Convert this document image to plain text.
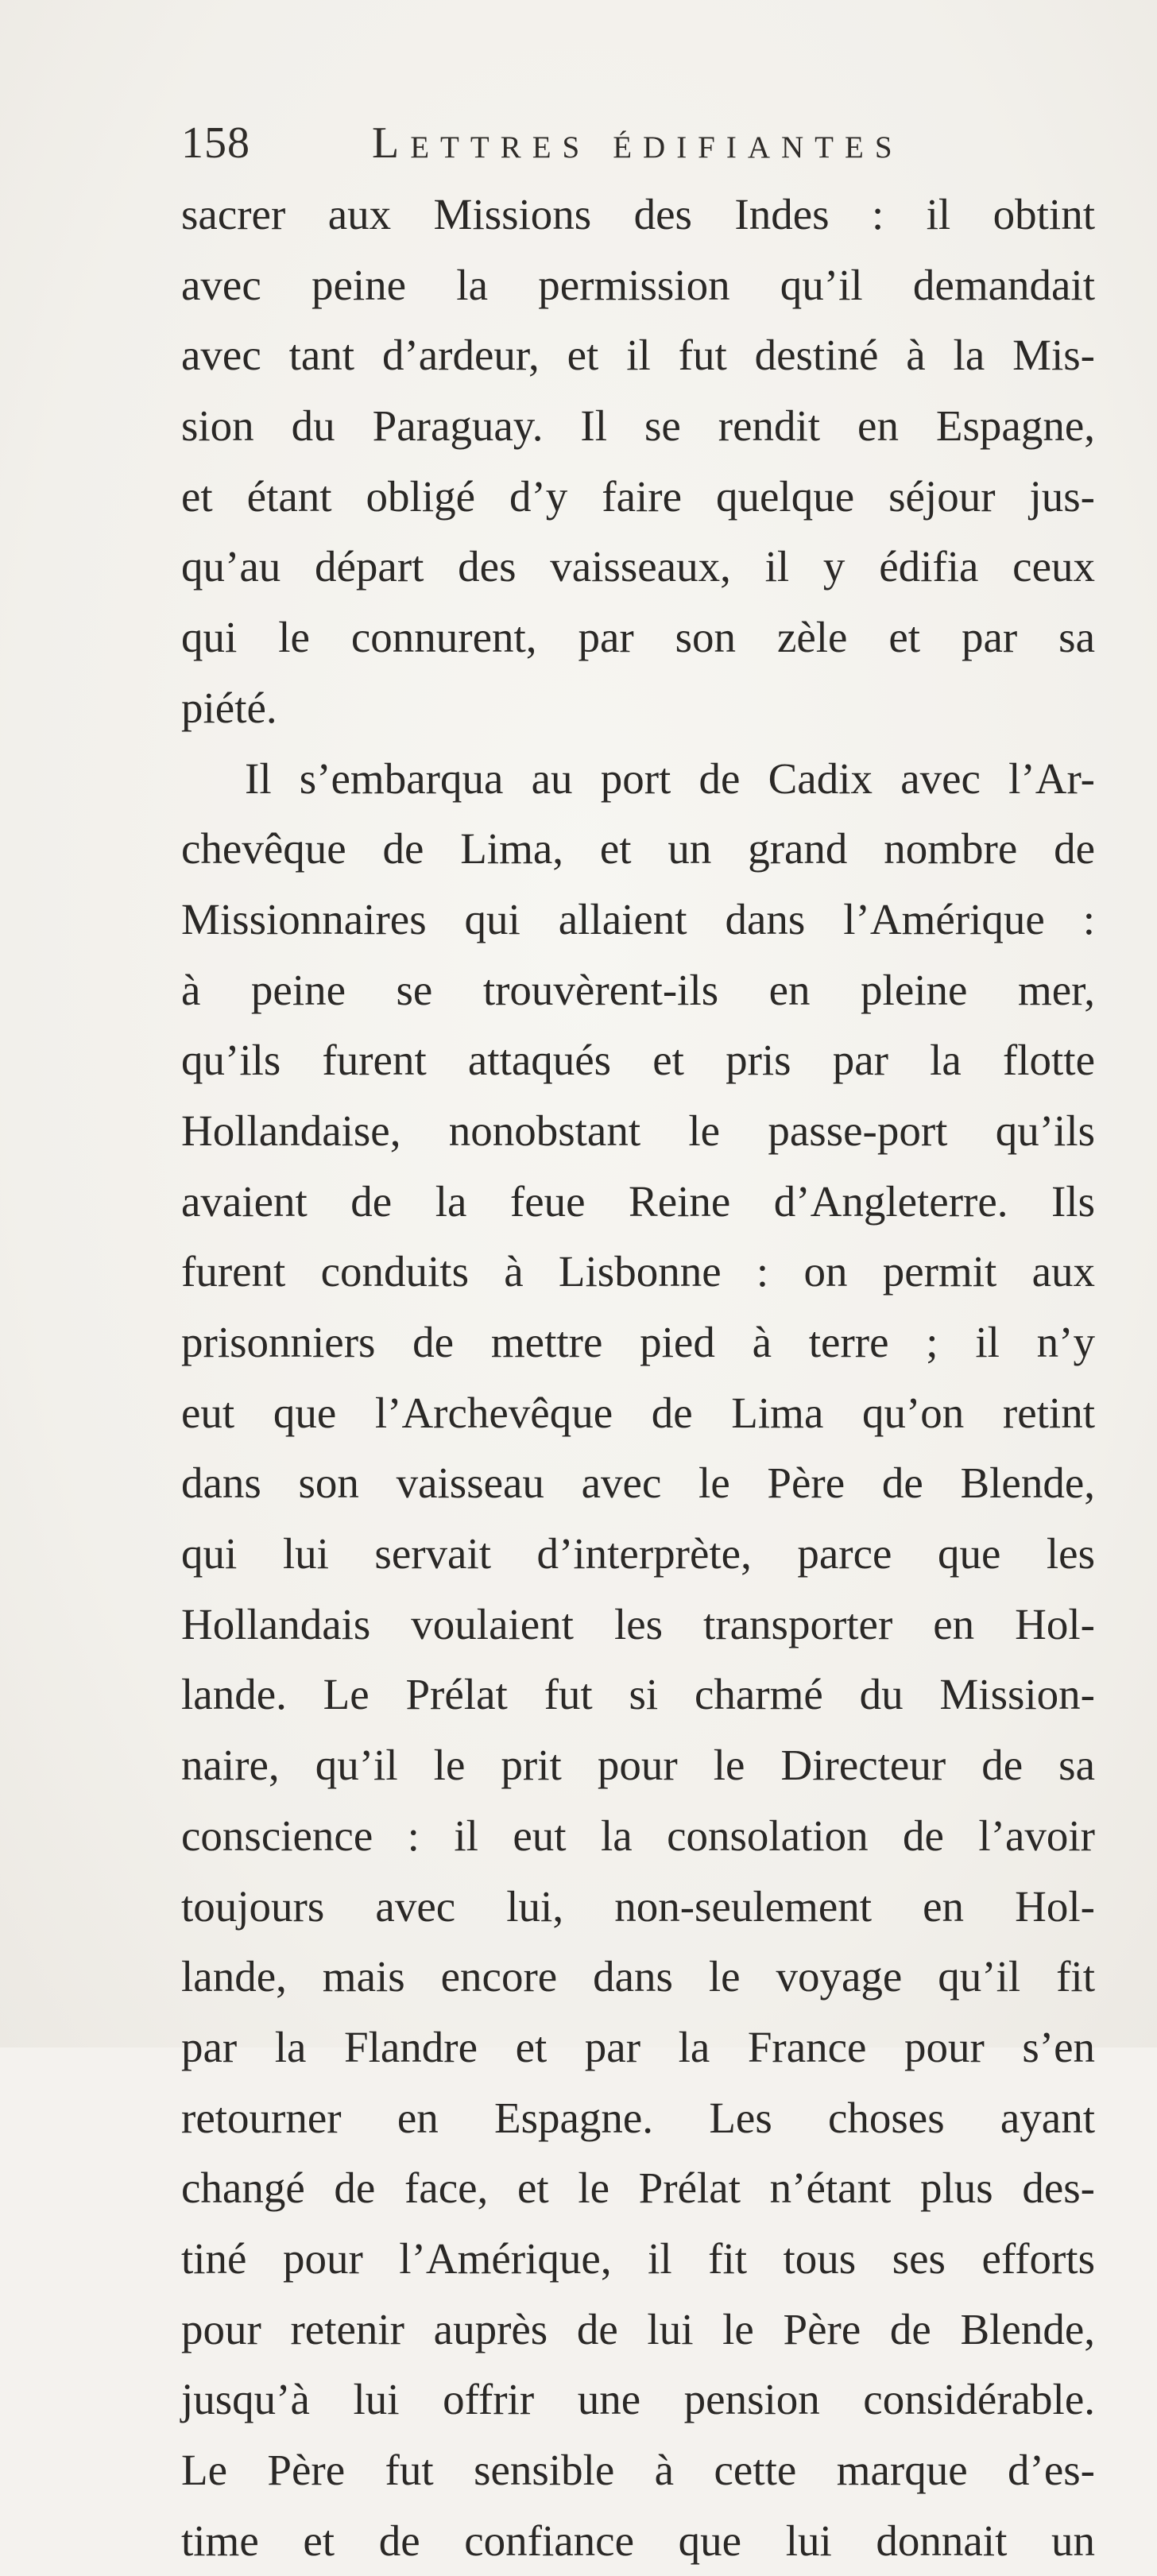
158	Lettres édifiantes
sacrer aux Missions des Indes : il obtint
avec peine la permission qu’il demandait
avec tant d’ardeur, et il fut destiné à la Mis-
sion du Paraguay. Il se rendit en Espagne,
et étant obligé d’y faire quelque séjour jus-
qu’au départ des vaisseaux, il y édifia ceux
qui le connurent, par son zèle et par sa
piété.
Il s’embarqua au port de Cadix avec l’Ar-
chevêque de Lima, et un grand nombre de
Missionnaires qui allaient dans l’Amérique :
à peine se trouvèrent-ils en pleine mer,
qu’ils furent attaqués et pris par la flotte
Hollandaise, nonobstant le passe-port qu’ils
avaient de la feue Reine d’Angleterre. Ils
furent conduits à Lisbonne : on permit aux
prisonniers de mettre pied à terre ; il n’y
eut que l’Archevêque de Lima qu’on retint
dans son vaisseau avec le Père de Blende,
qui lui servait d’interprète, parce que les
Hollandais voulaient les transporter en Hol-
lande. Le Prélat fut si charmé du Mission-
naire, qu’il le prit pour le Directeur de sa
conscience : il eut la consolation de l’avoir
toujours avec lui, non-seulement en Hol-
lande, mais encore dans le voyage qu’il fit
par la Flandre et par la France pour s’en
retourner en Espagne. Les choses ayant
changé de face, et le Prélat n’étant plus des-
tiné pour l’Amérique, il fit tous ses efforts
pour retenir auprès de lui le Père de Blende,
jusqu’à lui offrir une pension considérable.
Le Père fut sensible à cette marque d’es-
time et de confiance que lui donnait un
